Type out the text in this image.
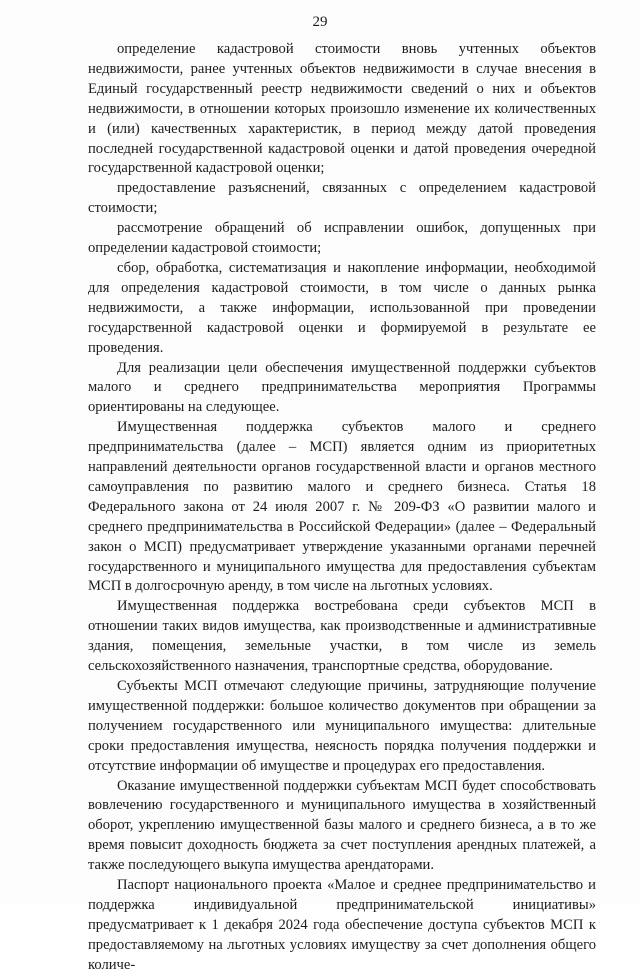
29

определение кадастровой стоимости вновь учтенных объектов недвижимости, ранее учтенных объектов недвижимости в случае внесения в Единый государственный реестр недвижимости сведений о них и объектов недвижимости, в отношении которых произошло изменение их количественных и (или) качественных характеристик, в период между датой проведения последней государственной кадастровой оценки и датой проведения очередной государственной кадастровой оценки;

предоставление разъяснений, связанных с определением кадастровой стоимости;

рассмотрение обращений об исправлении ошибок, допущенных при определении кадастровой стоимости;

сбор, обработка, систематизация и накопление информации, необходимой для определения кадастровой стоимости, в том числе о данных рынка недвижимости, а также информации, использованной при проведении государственной кадастровой оценки и формируемой в результате ее проведения.

Для реализации цели обеспечения имущественной поддержки субъектов малого и среднего предпринимательства мероприятия Программы ориентированы на следующее.

Имущественная поддержка субъектов малого и среднего предпринимательства (далее – МСП) является одним из приоритетных направлений деятельности органов государственной власти и органов местного самоуправления по развитию малого и среднего бизнеса. Статья 18 Федерального закона от 24 июля 2007 г. № 209-ФЗ «О развитии малого и среднего предпринимательства в Российской Федерации» (далее – Федеральный закон о МСП) предусматривает утверждение указанными органами перечней государственного и муниципального имущества для предоставления субъектам МСП в долгосрочную аренду, в том числе на льготных условиях.

Имущественная поддержка востребована среди субъектов МСП в отношении таких видов имущества, как производственные и административные здания, помещения, земельные участки, в том числе из земель сельскохозяйственного назначения, транспортные средства, оборудование.

Субъекты МСП отмечают следующие причины, затрудняющие получение имущественной поддержки: большое количество документов при обращении за получением государственного или муниципального имущества: длительные сроки предоставления имущества, неясность порядка получения поддержки и отсутствие информации об имуществе и процедурах его предоставления.

Оказание имущественной поддержки субъектам МСП будет способствовать вовлечению государственного и муниципального имущества в хозяйственный оборот, укреплению имущественной базы малого и среднего бизнеса, а в то же время повысит доходность бюджета за счет поступления арендных платежей, а также последующего выкупа имущества арендаторами.

Паспорт национального проекта «Малое и среднее предпринимательство и поддержка индивидуальной предпринимательской инициативы» предусматривает к 1 декабря 2024 года обеспечение доступа субъектов МСП к предоставляемому на льготных условиях имуществу за счет дополнения общего количе-
